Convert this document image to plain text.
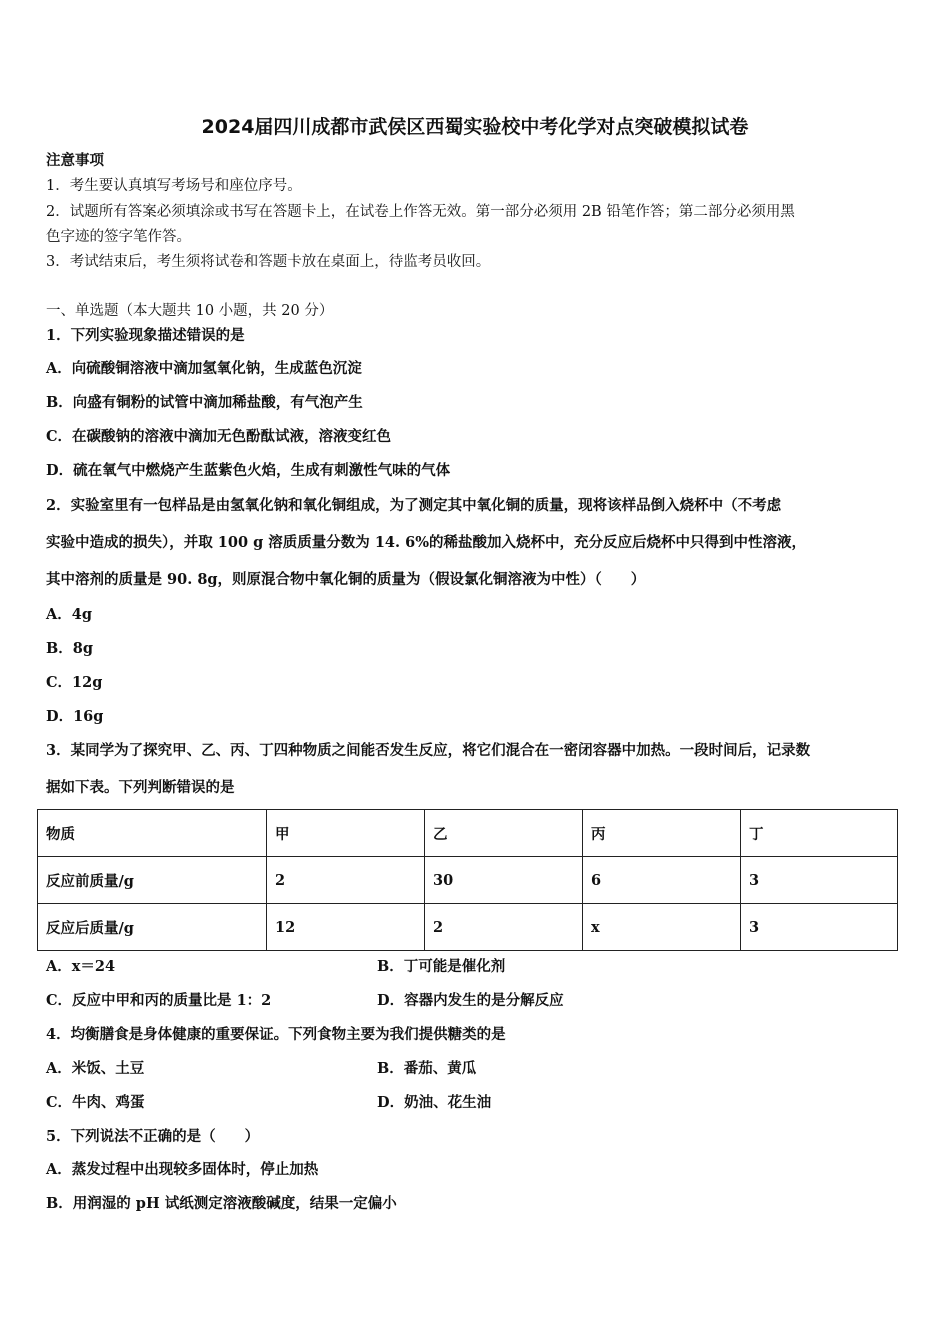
2024届四川成都市武侯区西蜀实验校中考化学对点突破模拟试卷
注意事项
1．考生要认真填写考场号和座位序号。
2．试题所有答案必须填涂或书写在答题卡上，在试卷上作答无效。第一部分必须用 2B 铅笔作答；第二部分必须用黑
色字迹的签字笔作答。
3．考试结束后，考生须将试卷和答题卡放在桌面上，待监考员收回。
一、单选题（本大题共 10 小题，共 20 分）
1．下列实验现象描述错误的是
A．向硫酸铜溶液中滴加氢氧化钠，生成蓝色沉淀
B．向盛有铜粉的试管中滴加稀盐酸，有气泡产生
C．在碳酸钠的溶液中滴加无色酚酞试液，溶液变红色
D．硫在氧气中燃烧产生蓝紫色火焰，生成有刺激性气味的气体
2．实验室里有一包样品是由氢氧化钠和氧化铜组成，为了测定其中氧化铜的质量，现将该样品倒入烧杯中（不考虑
实验中造成的损失），并取 100 g 溶质质量分数为 14. 6%的稀盐酸加入烧杯中，充分反应后烧杯中只得到中性溶液，
其中溶剂的质量是 90. 8g，则原混合物中氧化铜的质量为（假设氯化铜溶液为中性）（　　）
A．4g
B．8g
C．12g
D．16g
3．某同学为了探究甲、乙、丙、丁四种物质之间能否发生反应，将它们混合在一密闭容器中加热。一段时间后，记录数
据如下表。下列判断错误的是
物质	甲	乙	丙	丁
反应前质量/g	2	30	6	3
反应后质量/g	12	2	x	3
A．x＝24	B．丁可能是催化剂
C．反应中甲和丙的质量比是 1：2	D．容器内发生的是分解反应
4．均衡膳食是身体健康的重要保证。下列食物主要为我们提供糖类的是
A．米饭、土豆	B．番茄、黄瓜
C．牛肉、鸡蛋	D．奶油、花生油
5．下列说法不正确的是（　　）
A．蒸发过程中出现较多固体时，停止加热
B．用润湿的 pH 试纸测定溶液酸碱度，结果一定偏小
